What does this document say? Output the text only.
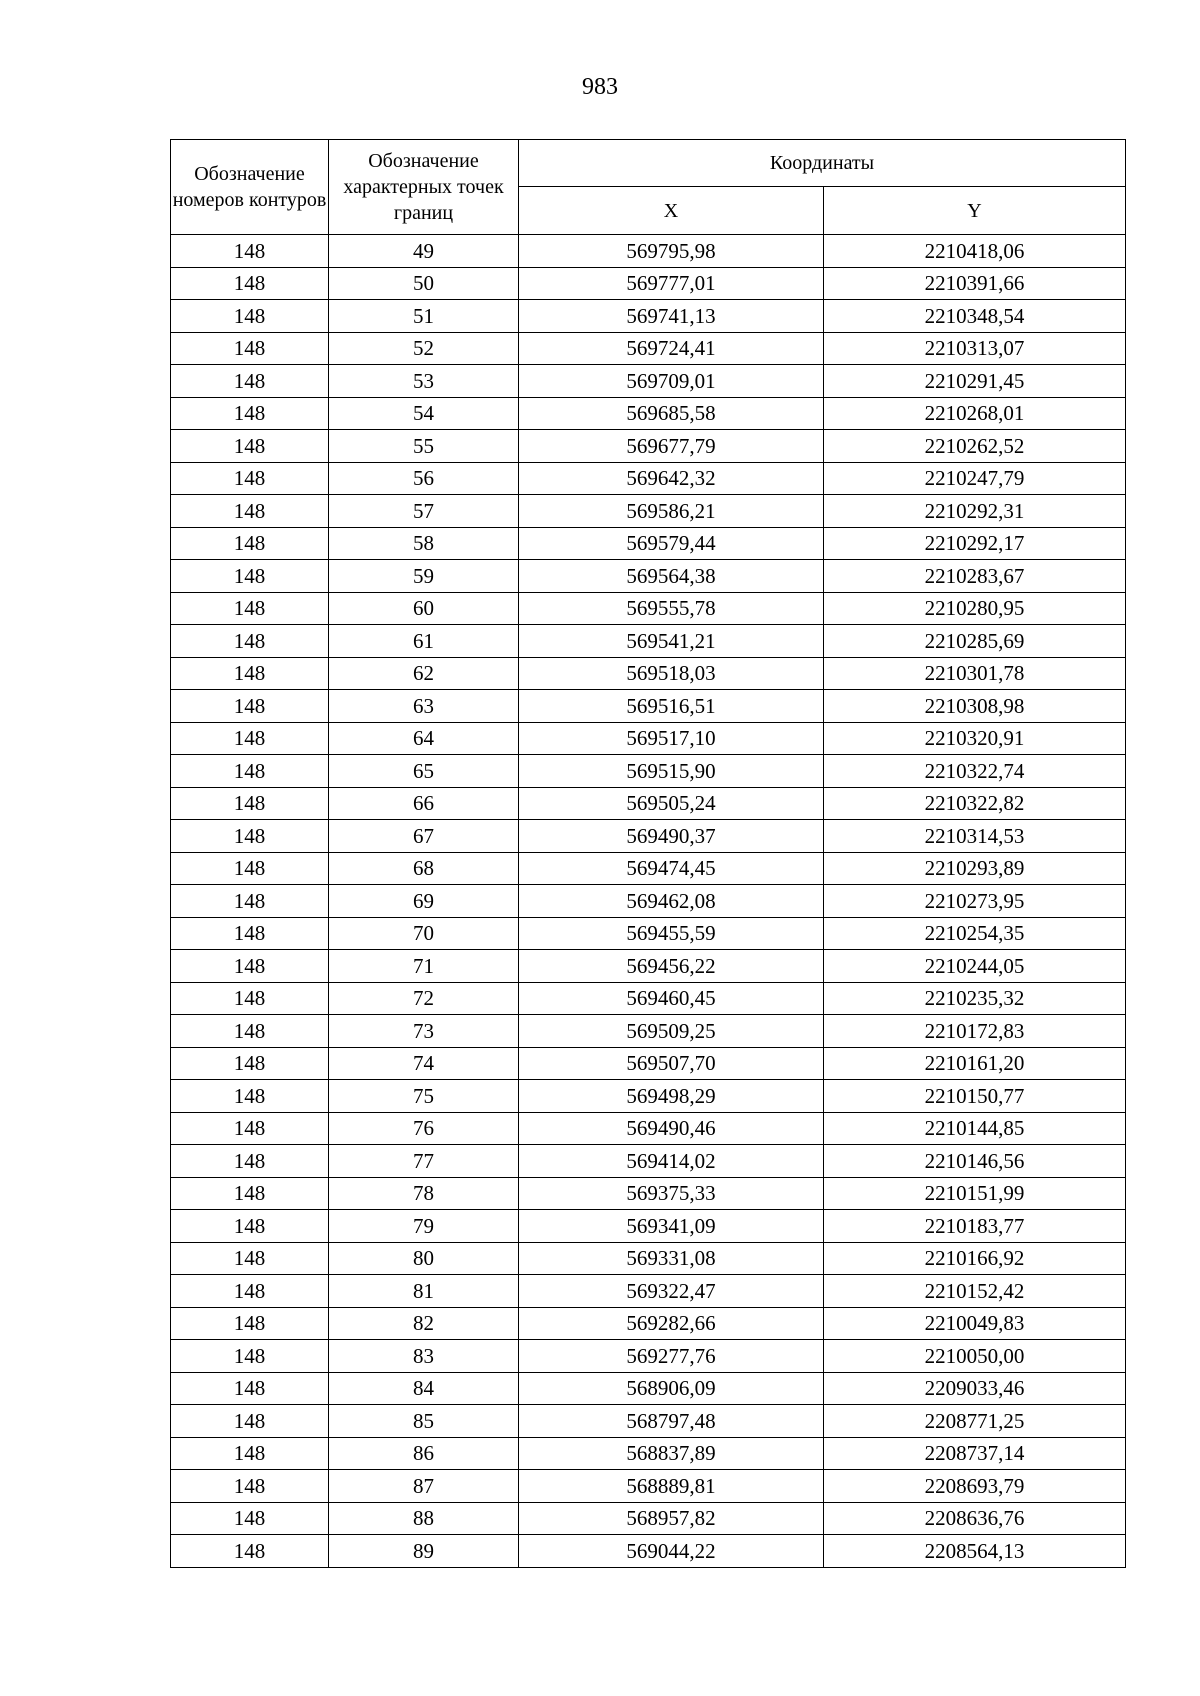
983
Обозначение номеров контуров	Обозначение характерных точек границ	Координаты	
		X	Y
148	49	569795,98	2210418,06
148	50	569777,01	2210391,66
148	51	569741,13	2210348,54
148	52	569724,41	2210313,07
148	53	569709,01	2210291,45
148	54	569685,58	2210268,01
148	55	569677,79	2210262,52
148	56	569642,32	2210247,79
148	57	569586,21	2210292,31
148	58	569579,44	2210292,17
148	59	569564,38	2210283,67
148	60	569555,78	2210280,95
148	61	569541,21	2210285,69
148	62	569518,03	2210301,78
148	63	569516,51	2210308,98
148	64	569517,10	2210320,91
148	65	569515,90	2210322,74
148	66	569505,24	2210322,82
148	67	569490,37	2210314,53
148	68	569474,45	2210293,89
148	69	569462,08	2210273,95
148	70	569455,59	2210254,35
148	71	569456,22	2210244,05
148	72	569460,45	2210235,32
148	73	569509,25	2210172,83
148	74	569507,70	2210161,20
148	75	569498,29	2210150,77
148	76	569490,46	2210144,85
148	77	569414,02	2210146,56
148	78	569375,33	2210151,99
148	79	569341,09	2210183,77
148	80	569331,08	2210166,92
148	81	569322,47	2210152,42
148	82	569282,66	2210049,83
148	83	569277,76	2210050,00
148	84	568906,09	2209033,46
148	85	568797,48	2208771,25
148	86	568837,89	2208737,14
148	87	568889,81	2208693,79
148	88	568957,82	2208636,76
148	89	569044,22	2208564,13
